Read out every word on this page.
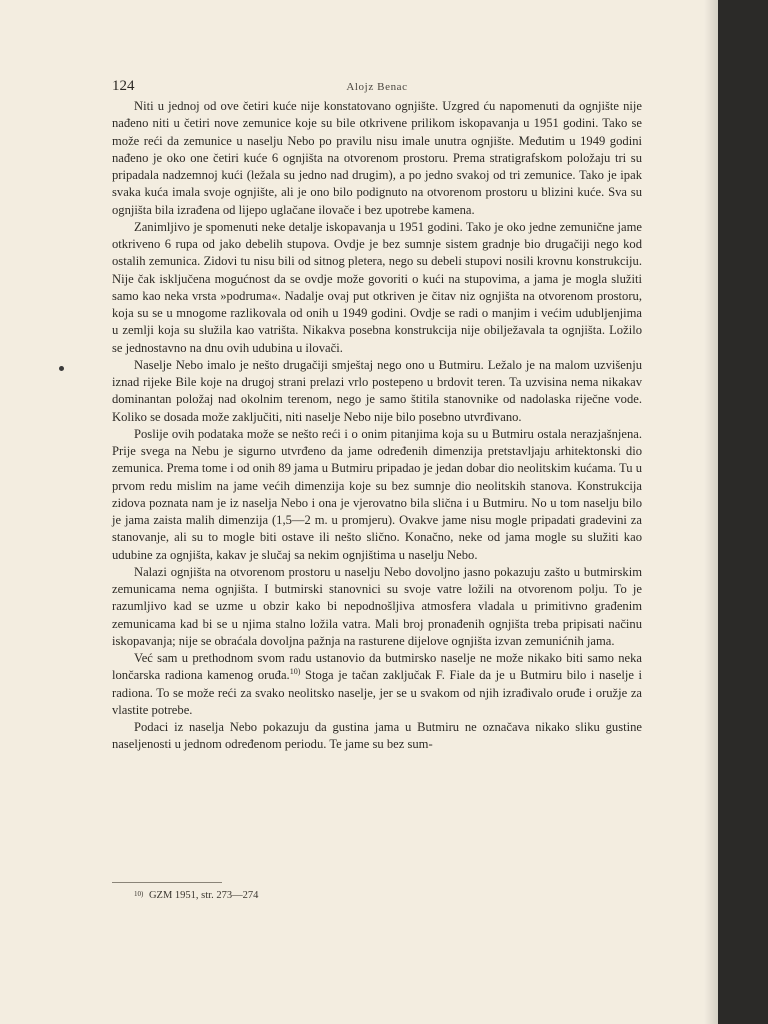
124	Alojz Benac

Niti u jednoj od ove četiri kuće nije konstatovano ognjište. Uzgred ću napomenuti da ognjište nije nađeno niti u četiri nove zemunice koje su bile otkrivene prilikom iskopavanja u 1951 godini. Tako se može reći da zemunice u naselju Nebo po pravilu nisu imale unutra ognjište. Međutim u 1949 godini nađeno je oko one četiri kuće 6 ognjišta na otvorenom prostoru. Prema stratigrafskom položaju tri su pripadala nadzemnoj kući (ležala su jedno nad drugim), a po jedno svakoj od tri zemunice. Tako je ipak svaka kuća imala svoje ognjište, ali je ono bilo podignuto na otvorenom prostoru u blizini kuće. Sva su ognjišta bila izrađena od lijepo uglačane ilovače i bez upotrebe kamena.

Zanimljivo je spomenuti neke detalje iskopavanja u 1951 godini. Tako je oko jedne zemunične jame otkriveno 6 rupa od jako debelih stupova. Ovdje je bez sumnje sistem gradnje bio drugačiji nego kod ostalih zemunica. Zidovi tu nisu bili od sitnog pletera, nego su debeli stupovi nosili krovnu konstrukciju. Nije čak isključena mogućnost da se ovdje može govoriti o kući na stupovima, a jama je mogla služiti samo kao neka vrsta »podruma«. Nadalje ovaj put otkriven je čitav niz ognjišta na otvorenom prostoru, koja su se u mnogome razlikovala od onih u 1949 godini. Ovdje se radi o manjim i većim udubljenjima u zemlji koja su služila kao vatrišta. Nikakva posebna konstrukcija nije obilježavala ta ognjišta. Ložilo se jednostavno na dnu ovih udubina u ilovači.

Naselje Nebo imalo je nešto drugačiji smještaj nego ono u Butmiru. Ležalo je na malom uzvišenju iznad rijeke Bile koje na drugoj strani prelazi vrlo postepeno u brdovit teren. Ta uzvisina nema nikakav dominantan položaj nad okolnim terenom, nego je samo štitila stanovnike od nadolaska riječne vode. Koliko se dosada može zaključiti, niti naselje Nebo nije bilo posebno utvrđivano.

Poslije ovih podataka može se nešto reći i o onim pitanjima koja su u Butmiru ostala nerazjašnjena. Prije svega na Nebu je sigurno utvrđeno da jame određenih dimenzija pretstavljaju arhitektonski dio zemunica. Prema tome i od onih 89 jama u Butmiru pripadao je jedan dobar dio neolitskim kućama. Tu u prvom redu mislim na jame većih dimenzija koje su bez sumnje dio neolitskih stanova. Konstrukcija zidova poznata nam je iz naselja Nebo i ona je vjerovatno bila slična i u Butmiru. No u tom naselju bilo je jama zaista malih dimenzija (1,5—2 m. u promjeru). Ovakve jame nisu mogle pripadati gradevini za stanovanje, ali su to mogle biti ostave ili nešto slično. Konačno, neke od jama mogle su služiti kao udubine za ognjišta, kakav je slučaj sa nekim ognjištima u naselju Nebo.

Nalazi ognjišta na otvorenom prostoru u naselju Nebo dovoljno jasno pokazuju zašto u butmirskim zemunicama nema ognjišta. I butmirski stanovnici su svoje vatre ložili na otvorenom polju. To je razumljivo kad se uzme u obzir kako bi nepodnošljiva atmosfera vladala u primitivno građenim zemunicama kad bi se u njima stalno ložila vatra. Mali broj pronađenih ognjišta treba pripisati načinu iskopavanja; nije se obraćala dovoljna pažnja na rasturene dijelove ognjišta izvan zemunićnih jama.

Već sam u prethodnom svom radu ustanovio da butmirsko naselje ne može nikako biti samo neka lončarska radiona kamenog oruđa.$^{10)}$ Stoga je tačan zaključak F. Fiale da je u Butmiru bilo i naselje i radiona. To se može reći za svako neolitsko naselje, jer se u svakom od njih izrađivalo oruđe i oružje za vlastite potrebe.

Podaci iz naselja Nebo pokazuju da gustina jama u Butmiru ne označava nikako sliku gustine naseljenosti u jednom određenom periodu. Te jame su bez sum-

$^{10)}$ GZM 1951, str. 273—274
